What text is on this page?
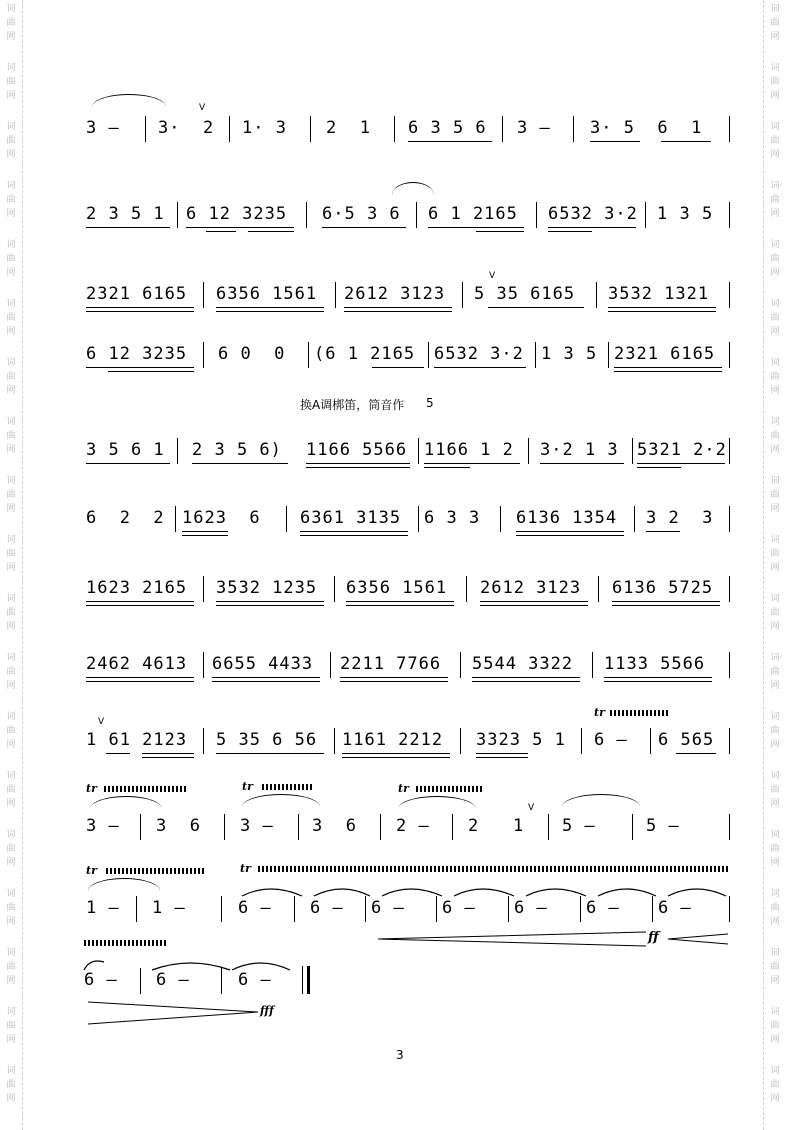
词
曲
网
词
曲
网
词
曲
网
词
曲
网
词
曲
网
词
曲
网
词
曲
网
词
曲
网
词
曲
网
词
曲
网
词
曲
网
词
曲
网
词
曲
网
词
曲
网
词
曲
网
词
曲
网
词
曲
网
词
曲
网
词
曲
网
词
曲
网
词
曲
网
词
曲
网
词
曲
网
词
曲
网
词
曲
网
词
曲
网
词
曲
网
词
曲
网
词
曲
网
词
曲
网
词
曲
网
词
曲
网
词
曲
网
词
曲
网
词
曲
网
词
曲
网
词
曲
网
词
曲
网
3 – 3·  2
V
1· 3 2  1 6 3 5 6 3 – 3· 5  6  1
2 3 5 1 6 12 3235 6·5 3 6 6 1 2165 6532 3·2 1 3 5
2321 6165 6356 1561 2612 3123 5 35 6165
V
3532 1321
6 12 3235 6 0  0 (6 1 2165 6532 3·2 1 3 5 2321 6165
换A调梆笛，筒音作 5
3 5 6 1 2 3 5 6) 1166 5566 1166 1 2 3·2 1 3 5321 2·2
6  2  2 1623  6 6361 3135 6 3 3 6136 1354 3 2  3
1623 2165 3532 1235 6356 1561 2612 3123 6136 5725
2462 4613 6655 4433 2211 7766 5544 3322 1133 5566
1 61 2123
V
5 35 6 56 1161 2212 3323 5 1
tr
6 – 6 565
tr
3 – 3  6
tr
3 – 3  6
tr
2 – 2   1
V
5 –	5 –
tr
1 – 1 –
tr
6 – 6 – 6 – 6 – 6 – 6 – 6 –
ff
6 – 6 –	6 –
fff
3
